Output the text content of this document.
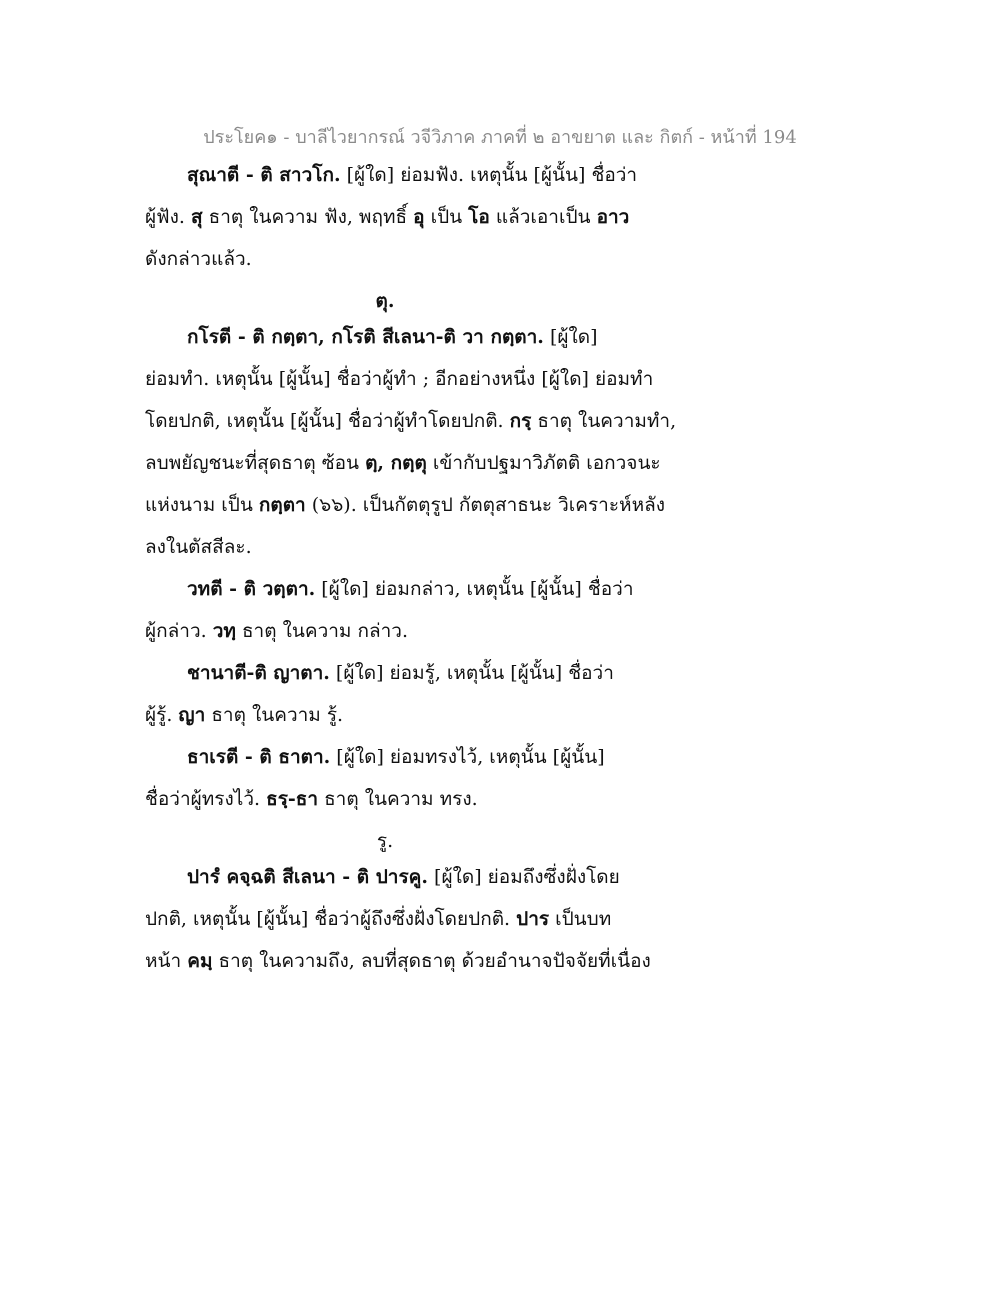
ประโยค๑ - บาลีไวยากรณ์ วจีวิภาค ภาคที่ ๒ อาขยาต และ กิตก์ - หน้าที่ 194
สุณาตี - ติ สาวโก. [ผู้ใด] ย่อมฟัง. เหตุนั้น [ผู้นั้น] ชื่อว่า
ผู้ฟัง. สุ ธาตุ ในความ ฟัง, พฤทธิ์ อุ เป็น โอ แล้วเอาเป็น อาว
ดังกล่าวแล้ว.
ตุ.
กโรตี - ติ กตฺตา, กโรติ สีเลนา-ติ วา กตฺตา. [ผู้ใด]
ย่อมทำ. เหตุนั้น [ผู้นั้น] ชื่อว่าผู้ทำ ; อีกอย่างหนึ่ง [ผู้ใด] ย่อมทำ
โดยปกติ, เหตุนั้น [ผู้นั้น] ชื่อว่าผู้ทำโดยปกติ. กรฺ ธาตุ ในความทำ,
ลบพยัญชนะที่สุดธาตุ ซ้อน ตฺ, กตฺตุ เข้ากับปฐมาวิภัตติ เอกวจนะ
แห่งนาม เป็น กตฺตา (๖๖). เป็นกัตตุรูป กัตตุสาธนะ วิเคราะห์หลัง
ลงในตัสสีละ.
วทตี - ติ วตฺตา. [ผู้ใด] ย่อมกล่าว, เหตุนั้น [ผู้นั้น] ชื่อว่า
ผู้กล่าว. วทฺ ธาตุ ในความ กล่าว.
ชานาตี-ติ ญาตา. [ผู้ใด] ย่อมรู้, เหตุนั้น [ผู้นั้น] ชื่อว่า
ผู้รู้. ญา ธาตุ ในความ รู้.
ธาเรตี - ติ ธาตา. [ผู้ใด] ย่อมทรงไว้, เหตุนั้น [ผู้นั้น]
ชื่อว่าผู้ทรงไว้. ธรฺ-ธา ธาตุ ในความ ทรง.
รู.
ปารํ คจฺฉติ สีเลนา - ติ ปารคู. [ผู้ใด] ย่อมถึงซึ่งฝั่งโดย
ปกติ, เหตุนั้น [ผู้นั้น] ชื่อว่าผู้ถึงซึ่งฝั่งโดยปกติ. ปาร เป็นบท
หน้า คมฺ ธาตุ ในความถึง, ลบที่สุดธาตุ ด้วยอำนาจปัจจัยที่เนื่อง
